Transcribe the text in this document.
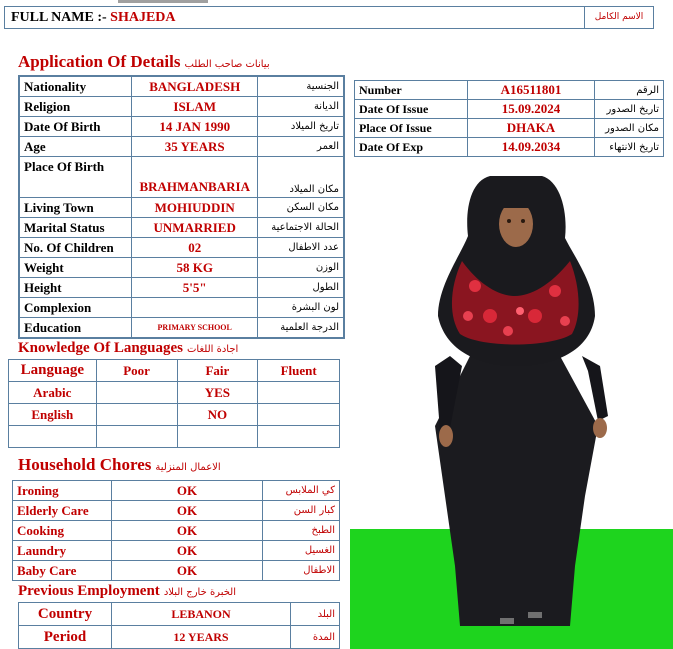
FULL NAME :- SHAJEDA	الاسم الكامل
Application Of Details بيانات صاحب الطلب
Nationality	BANGLADESH	الجنسية
Religion	ISLAM	الديانة
Date Of Birth	14 JAN 1990	تاريخ الميلاد
Age	35 YEARS	العمر
Place Of Birth	BRAHMANBARIA	مكان الميلاد
Living Town	MOHIUDDIN	مكان السكن
Marital Status	UNMARRIED	الحالة الاجتماعية
No. Of Children	02	عدد الاطفال
Weight	58 KG	الوزن
Height	5'5"	الطول
Complexion		لون البشرة
Education	PRIMARY SCHOOL	الدرجة العلمية
Number	A16511801	الرقم
Date Of Issue	15.09.2024	تاريخ الصدور
Place Of Issue	DHAKA	مكان الصدور
Date Of Exp	14.09.2034	تاريخ الانتهاء
Knowledge Of Languages اجادة اللغات
Language	Poor	Fair	Fluent
Arabic		YES	
English		NO	

Household Chores الاعمال المنزلية
Ironing	OK	كي الملابس
Elderly Care	OK	كبار السن
Cooking	OK	الطبخ
Laundry	OK	الغسيل
Baby Care	OK	الاطفال
Previous Employment الخبرة خارج البلاد
Country	LEBANON	البلد
Period	12 YEARS	المدة
